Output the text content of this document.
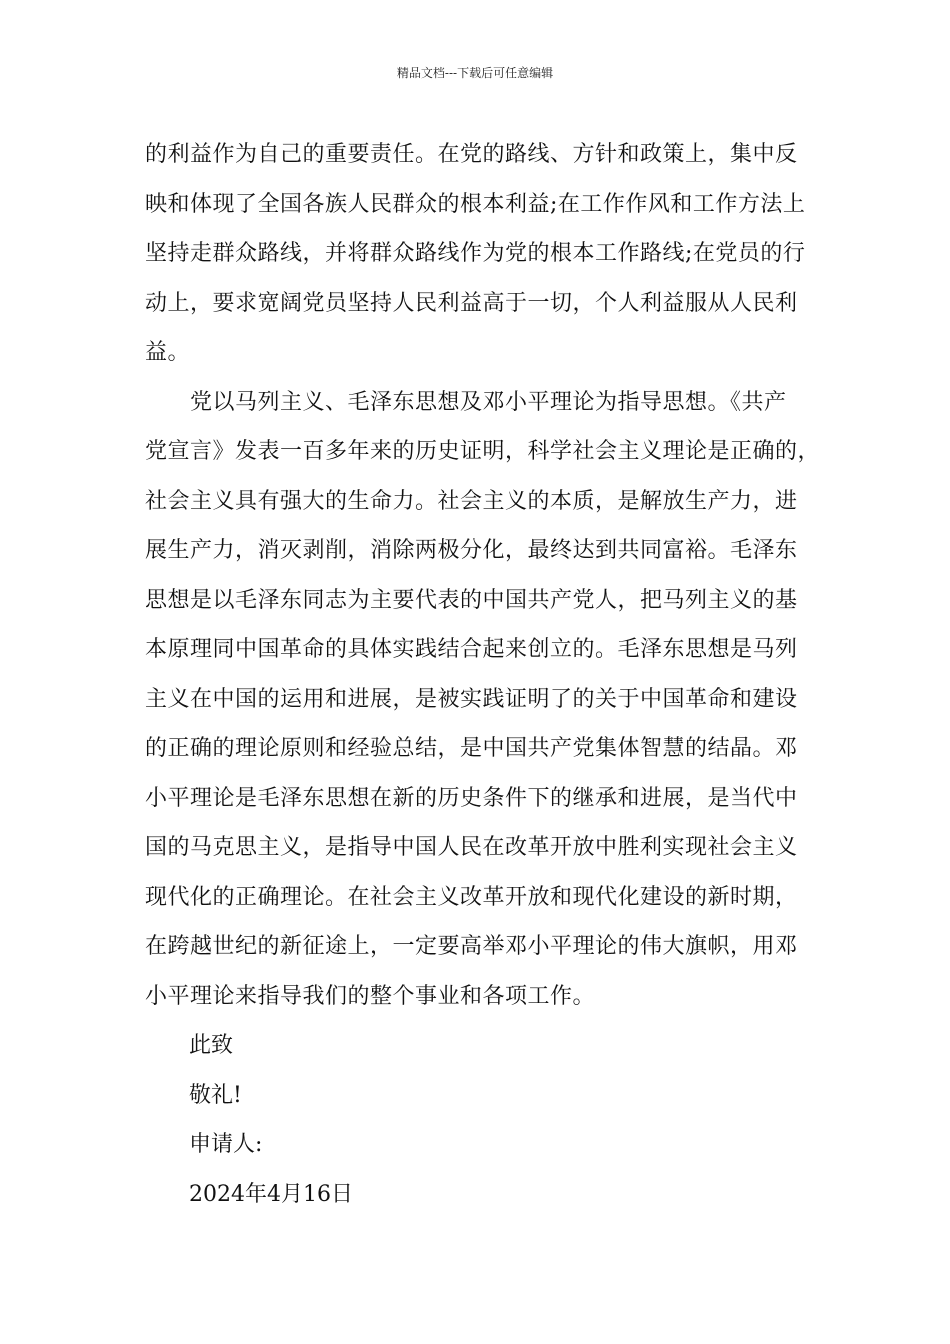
精品文档---下载后可任意编辑

的利益作为自己的重要责任。在党的路线、方针和政策上，集中反
映和体现了全国各族人民群众的根本利益;在工作作风和工作方法上
坚持走群众路线，并将群众路线作为党的根本工作路线;在党员的行
动上，要求宽阔党员坚持人民利益高于一切，个人利益服从人民利
益。

　　党以马列主义、毛泽东思想及邓小平理论为指导思想。《共产
党宣言》发表一百多年来的历史证明，科学社会主义理论是正确的，
社会主义具有强大的生命力。社会主义的本质，是解放生产力，进
展生产力，消灭剥削，消除两极分化，最终达到共同富裕。毛泽东
思想是以毛泽东同志为主要代表的中国共产党人，把马列主义的基
本原理同中国革命的具体实践结合起来创立的。毛泽东思想是马列
主义在中国的运用和进展，是被实践证明了的关于中国革命和建设
的正确的理论原则和经验总结，是中国共产党集体智慧的结晶。邓
小平理论是毛泽东思想在新的历史条件下的继承和进展，是当代中
国的马克思主义，是指导中国人民在改革开放中胜利实现社会主义
现代化的正确理论。在社会主义改革开放和现代化建设的新时期，
在跨越世纪的新征途上，一定要高举邓小平理论的伟大旗帜，用邓
小平理论来指导我们的整个事业和各项工作。

此致

敬礼!

申请人:

2024年4月16日
